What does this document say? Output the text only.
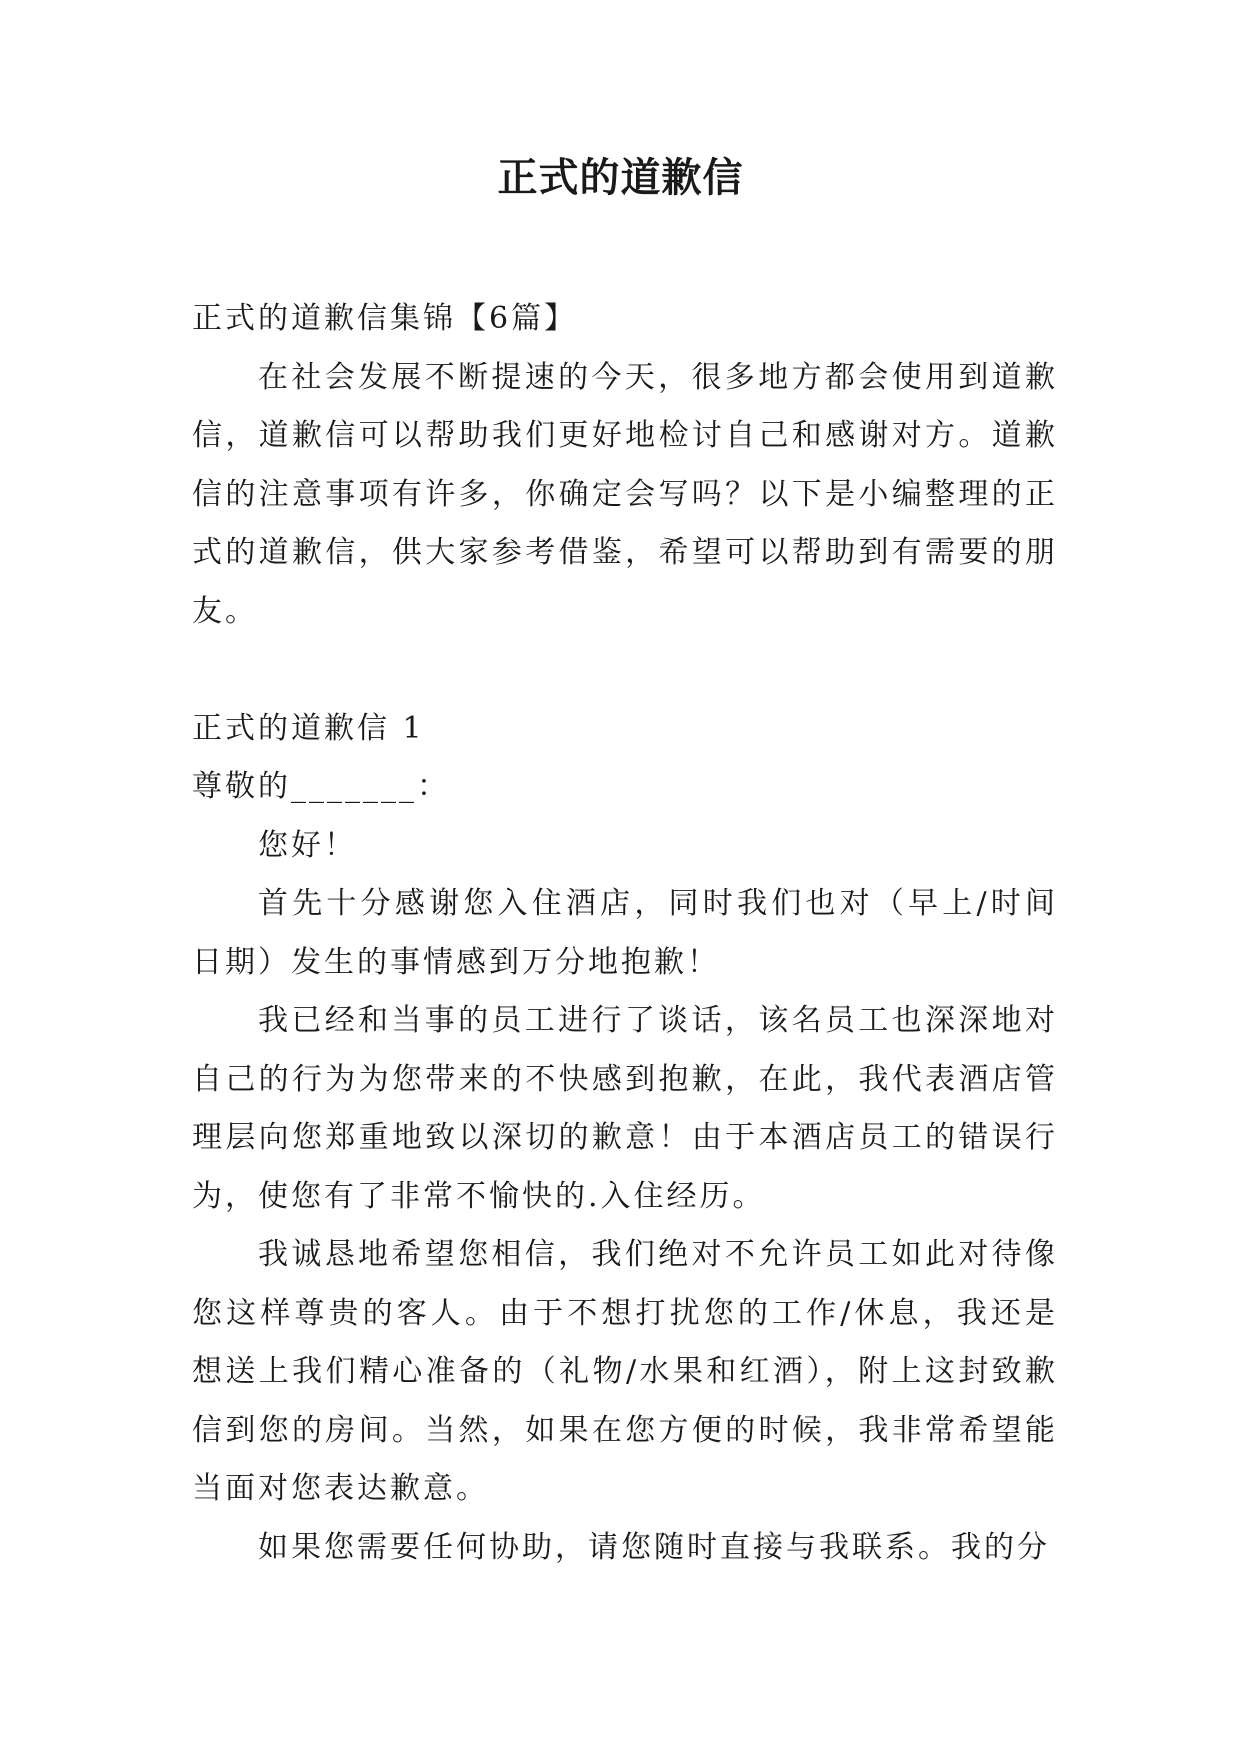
正式的道歉信

正式的道歉信集锦【6篇】

在社会发展不断提速的今天，很多地方都会使用到道歉信，道歉信可以帮助我们更好地检讨自己和感谢对方。道歉信的注意事项有许多，你确定会写吗？以下是小编整理的正式的道歉信，供大家参考借鉴，希望可以帮助到有需要的朋友。

正式的道歉信 1

尊敬的_______：

您好！

首先十分感谢您入住酒店，同时我们也对（早上/时间日期）发生的事情感到万分地抱歉！

我已经和当事的员工进行了谈话，该名员工也深深地对自己的行为为您带来的不快感到抱歉，在此，我代表酒店管理层向您郑重地致以深切的歉意！由于本酒店员工的错误行为，使您有了非常不愉快的.入住经历。

我诚恳地希望您相信，我们绝对不允许员工如此对待像您这样尊贵的客人。由于不想打扰您的工作/休息，我还是想送上我们精心准备的（礼物/水果和红酒），附上这封致歉信到您的房间。当然，如果在您方便的时候，我非常希望能当面对您表达歉意。

如果您需要任何协助，请您随时直接与我联系。我的分
